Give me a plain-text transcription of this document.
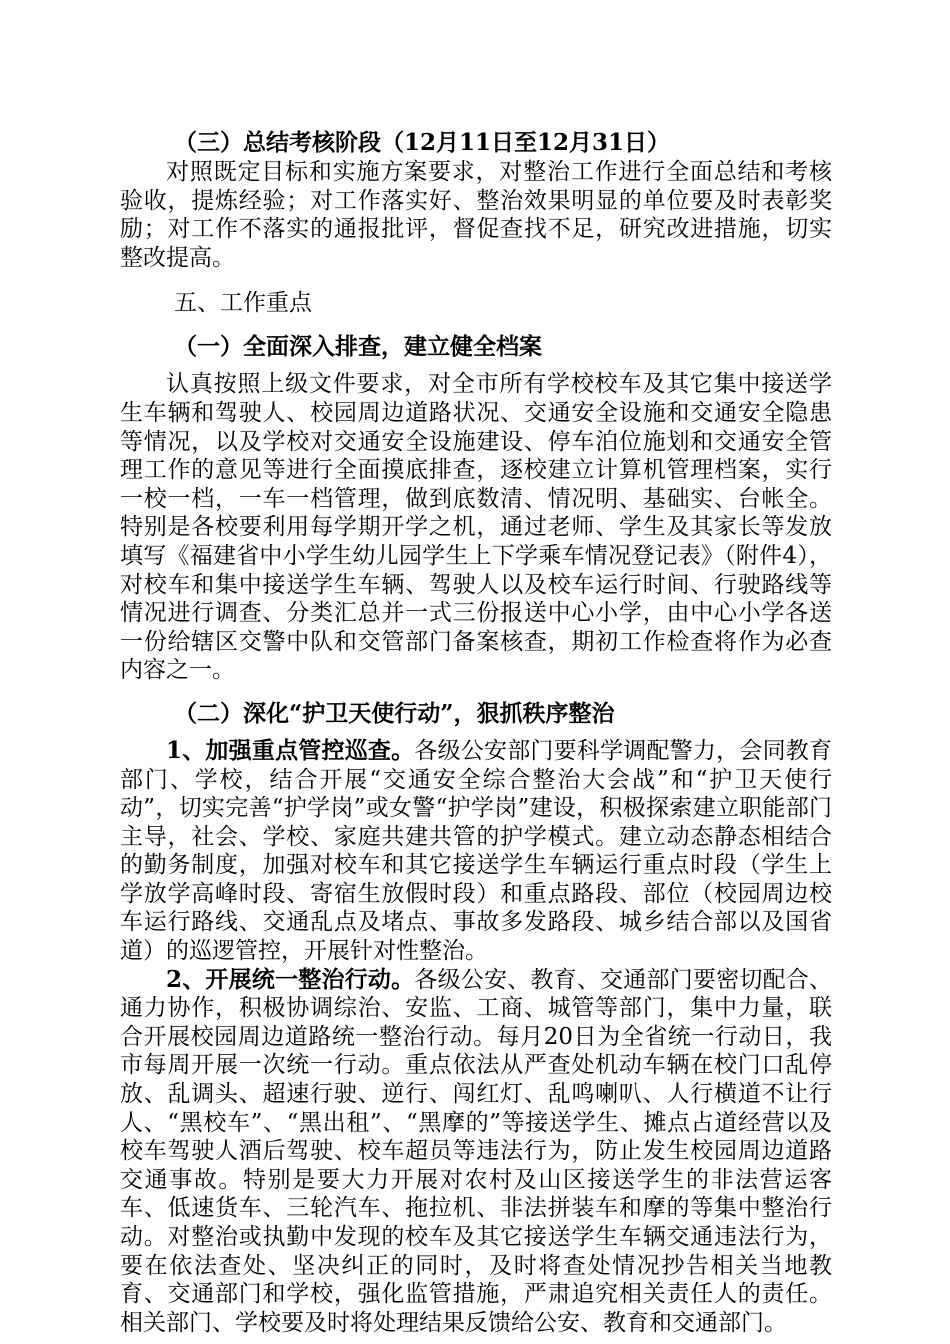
（三）总结考核阶段（12月11日至12月31日）

对照既定目标和实施方案要求，对整治工作进行全面总结和考核验收，提炼经验；对工作落实好、整治效果明显的单位要及时表彰奖励；对工作不落实的通报批评，督促查找不足，研究改进措施，切实整改提高。

五、工作重点

（一）全面深入排查，建立健全档案

认真按照上级文件要求，对全市所有学校校车及其它集中接送学生车辆和驾驶人、校园周边道路状况、交通安全设施和交通安全隐患等情况，以及学校对交通安全设施建设、停车泊位施划和交通安全管理工作的意见等进行全面摸底排查，逐校建立计算机管理档案，实行一校一档，一车一档管理，做到底数清、情况明、基础实、台帐全。特别是各校要利用每学期开学之机，通过老师、学生及其家长等发放填写《福建省中小学生幼儿园学生上下学乘车情况登记表》（附件4），对校车和集中接送学生车辆、驾驶人以及校车运行时间、行驶路线等情况进行调查、分类汇总并一式三份报送中心小学，由中心小学各送一份给辖区交警中队和交管部门备案核查，期初工作检查将作为必查内容之一。

（二）深化“护卫天使行动”，狠抓秩序整治

1、加强重点管控巡查。各级公安部门要科学调配警力，会同教育部门、学校，结合开展“交通安全综合整治大会战”和“护卫天使行动”，切实完善“护学岗”或女警“护学岗”建设，积极探索建立职能部门主导，社会、学校、家庭共建共管的护学模式。建立动态静态相结合的勤务制度，加强对校车和其它接送学生车辆运行重点时段（学生上学放学高峰时段、寄宿生放假时段）和重点路段、部位（校园周边校车运行路线、交通乱点及堵点、事故多发路段、城乡结合部以及国省道）的巡逻管控，开展针对性整治。

2、开展统一整治行动。各级公安、教育、交通部门要密切配合、通力协作，积极协调综治、安监、工商、城管等部门，集中力量，联合开展校园周边道路统一整治行动。每月20日为全省统一行动日，我市每周开展一次统一行动。重点依法从严查处机动车辆在校门口乱停放、乱调头、超速行驶、逆行、闯红灯、乱鸣喇叭、人行横道不让行人、“黑校车”、“黑出租”、“黑摩的”等接送学生、摊点占道经营以及校车驾驶人酒后驾驶、校车超员等违法行为，防止发生校园周边道路交通事故。特别是要大力开展对农村及山区接送学生的非法营运客车、低速货车、三轮汽车、拖拉机、非法拼装车和摩的等集中整治行动。对整治或执勤中发现的校车及其它接送学生车辆交通违法行为，要在依法查处、坚决纠正的同时，及时将查处情况抄告相关当地教育、交通部门和学校，强化监管措施，严肃追究相关责任人的责任。相关部门、学校要及时将处理结果反馈给公安、教育和交通部门。
